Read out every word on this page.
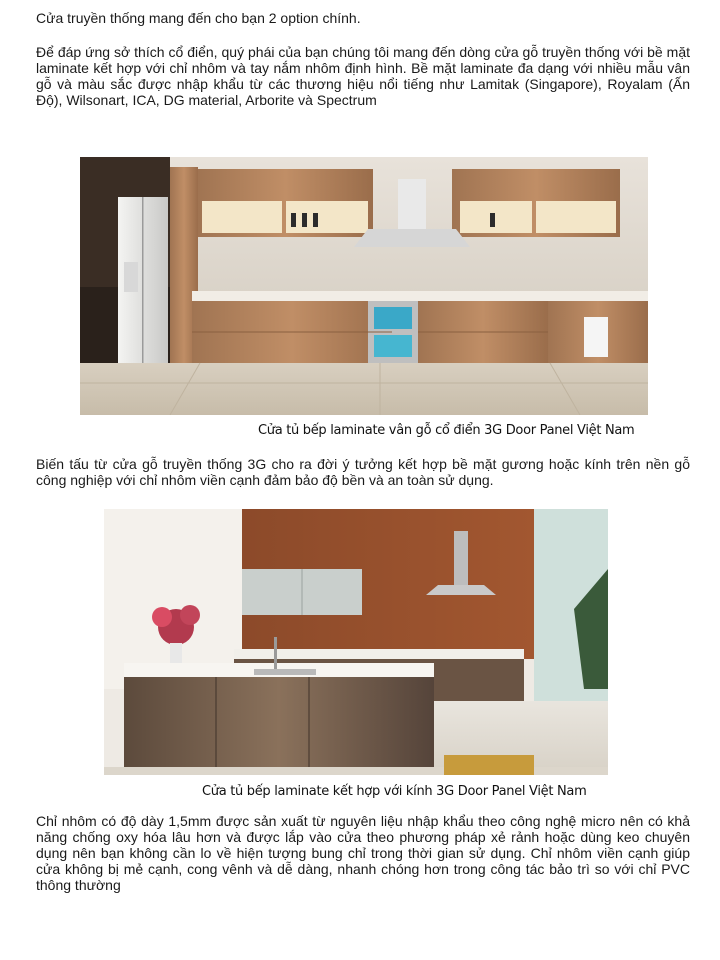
Cửa truyền thống mang đến cho bạn 2 option chính.

Để đáp ứng sở thích cổ điển, quý phái của bạn chúng tôi mang đến dòng cửa gỗ truyền thống với bề mặt laminate kết hợp với chỉ nhôm và tay nắm nhôm định hình. Bề mặt laminate đa dạng với nhiều mẫu vân gỗ và màu sắc được nhập khẩu từ các thương hiệu nổi tiếng như Lamitak (Singapore), Royalam (Ấn Độ), Wilsonart, ICA, DG material, Arborite và Spectrum

Cửa tủ bếp laminate vân gỗ cổ điển 3G Door Panel Việt Nam

Biến tấu từ cửa gỗ truyền thống 3G cho ra đời ý tưởng kết hợp bề mặt gương hoặc kính trên nền gỗ công nghiệp với chỉ nhôm viền cạnh đảm bảo độ bền và an toàn sử dụng.

Cửa tủ bếp laminate kết hợp với kính 3G Door Panel Việt Nam

Chỉ nhôm có độ dày 1,5mm được sản xuất từ nguyên liệu nhập khẩu theo công nghệ micro nên có khả năng chống oxy hóa lâu hơn và được lắp vào cửa theo phương pháp xẻ rảnh hoặc dùng keo chuyên dụng nên bạn không cần lo về hiện tượng bung chỉ trong thời gian sử dụng. Chỉ nhôm viền cạnh giúp cửa không bị mẻ cạnh, cong vênh và dễ dàng, nhanh chóng hơn trong công tác bảo trì so với chỉ PVC thông thường
